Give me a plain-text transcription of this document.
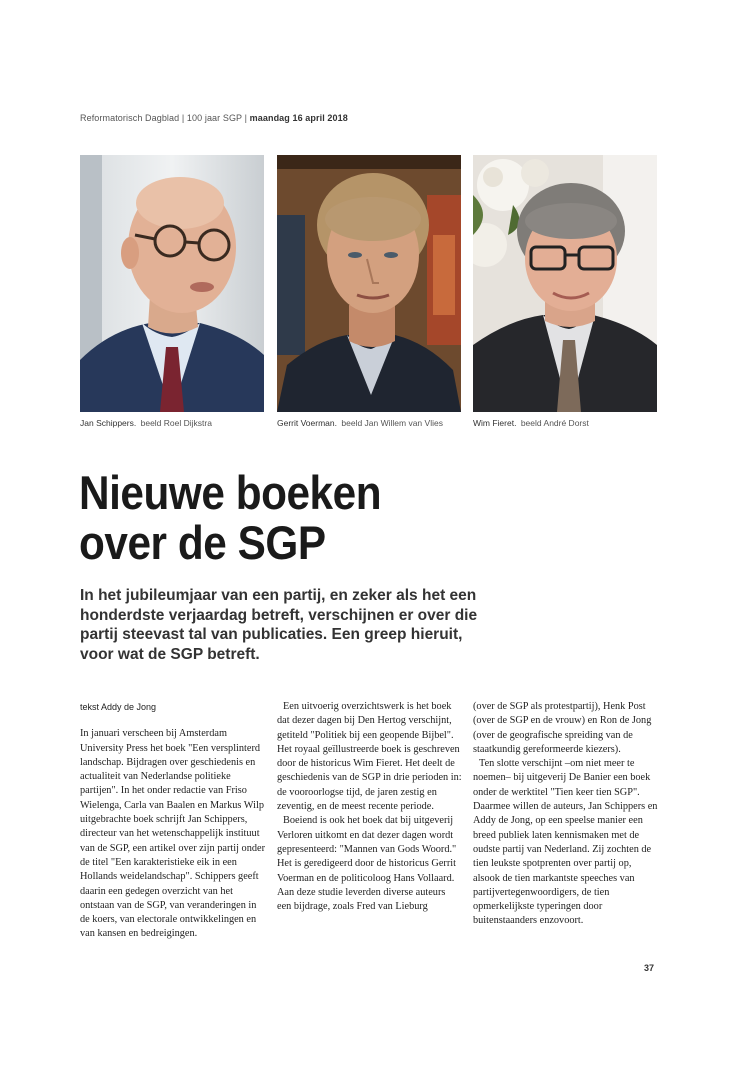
Reformatorisch Dagblad | 100 jaar SGP | maandag 16 april 2018
Jan Schippers. beeld Roel Dijkstra	Gerrit Voerman. beeld Jan Willem van Vlies	Wim Fieret. beeld André Dorst
Nieuwe boeken
over de SGP

In het jubileumjaar van een partij, en zeker als het een honderdste verjaardag betreft, verschijnen er over die partij steevast tal van publicaties. Een greep hieruit, voor wat de SGP betreft.

tekst Addy de Jong

In januari verscheen bij Amsterdam University Press het boek "Een versplinterd landschap. Bijdragen over geschiedenis en actualiteit van Nederlandse politieke partijen". In het onder redactie van Friso Wielenga, Carla van Baalen en Markus Wilp uitgebrachte boek schrijft Jan Schippers, directeur van het wetenschappelijk instituut van de SGP, een artikel over zijn partij onder de titel "Een karakteristieke eik in een Hollands weidelandschap". Schippers geeft daarin een gedegen overzicht van het ontstaan van de SGP, van veranderingen in de koers, van electorale ontwikkelingen en van kansen en bedreigingen.

Een uitvoerig overzichtswerk is het boek dat dezer dagen bij Den Hertog verschijnt, getiteld "Politiek bij een geopende Bijbel". Het royaal geïllustreerde boek is geschreven door de historicus Wim Fieret. Het deelt de geschiedenis van de SGP in drie perioden in: de vooroorlogse tijd, de jaren zestig en zeventig, en de meest recente periode.

Boeiend is ook het boek dat bij uitgeverij Verloren uitkomt en dat dezer dagen wordt gepresenteerd: "Mannen van Gods Woord." Het is geredigeerd door de historicus Gerrit Voerman en de politicoloog Hans Vollaard. Aan deze studie leverden diverse auteurs een bijdrage, zoals Fred van Lieburg

(over de SGP als protestpartij), Henk Post (over de SGP en de vrouw) en Ron de Jong (over de geografische spreiding van de staatkundig gereformeerde kiezers).

Ten slotte verschijnt –om niet meer te noemen– bij uitgeverij De Banier een boek onder de werktitel "Tien keer tien SGP". Daarmee willen de auteurs, Jan Schippers en Addy de Jong, op een speelse manier een breed publiek laten kennismaken met de oudste partij van Nederland. Zij zochten de tien leukste spotprenten over partij op, alsook de tien markantste speeches van partijvertegenwoordigers, de tien opmerkelijkste typeringen door buitenstaanders enzovoort.

37
